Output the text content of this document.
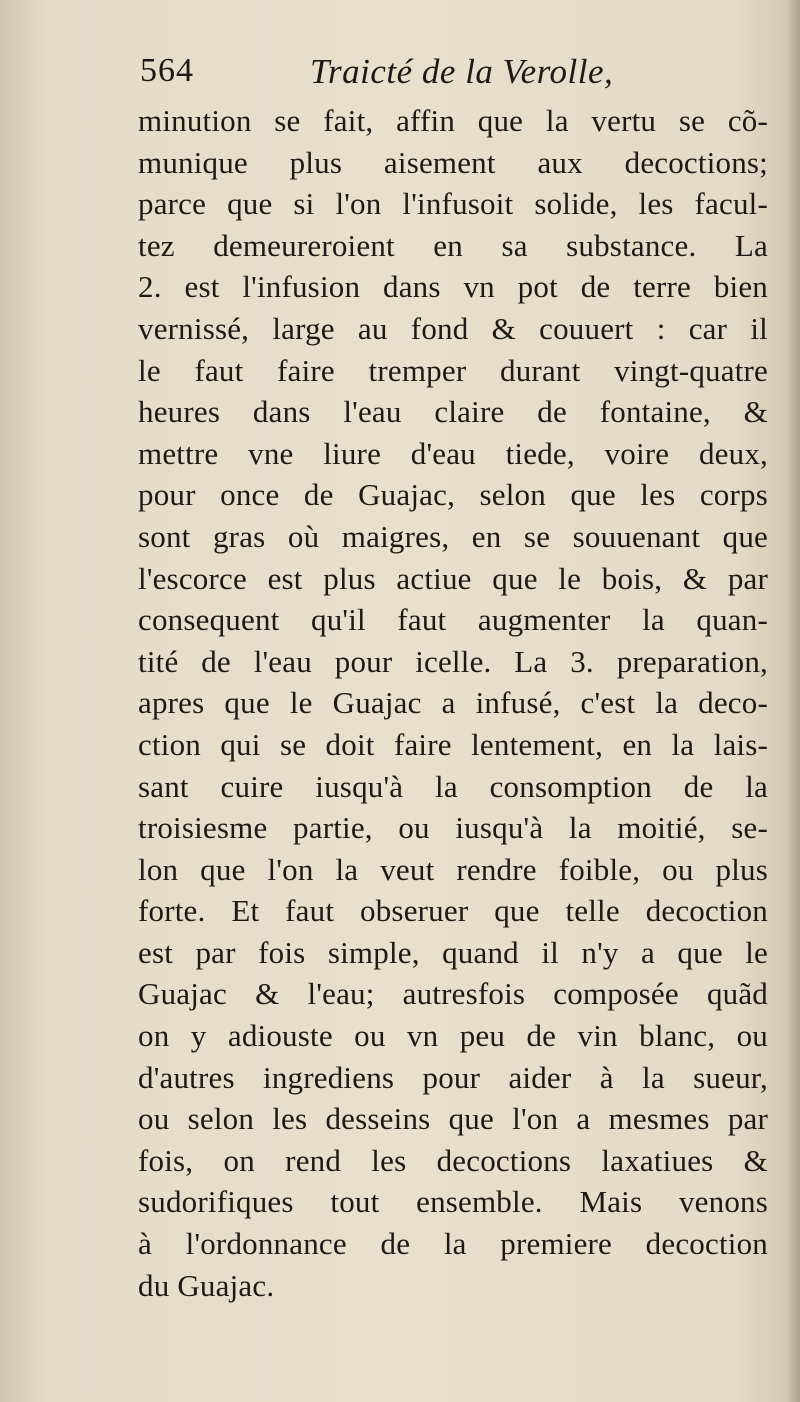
564	Traicté de la Verolle,
minution se fait, affin que la vertu se cõ-
munique plus aisement aux decoctions;
parce que si l'on l'infusoit solide, les facul-
tez demeureroient en sa substance. La
2. est l'infusion dans vn pot de terre bien
vernissé, large au fond & couuert : car il
le faut faire tremper durant vingt-quatre
heures dans l'eau claire de fontaine, &
mettre vne liure d'eau tiede, voire deux,
pour once de Guajac, selon que les corps
sont gras où maigres, en se souuenant que
l'escorce est plus actiue que le bois, & par
consequent qu'il faut augmenter la quan-
tité de l'eau pour icelle. La 3. preparation,
apres que le Guajac a infusé, c'est la deco-
ction qui se doit faire lentement, en la lais-
sant cuire iusqu'à la consomption de la
troisiesme partie, ou iusqu'à la moitié, se-
lon que l'on la veut rendre foible, ou plus
forte. Et faut obseruer que telle decoction
est par fois simple, quand il n'y a que le
Guajac & l'eau; autresfois composée quãd
on y adiouste ou vn peu de vin blanc, ou
d'autres ingrediens pour aider à la sueur,
ou selon les desseins que l'on a mesmes par
fois, on rend les decoctions laxatiues &
sudorifiques tout ensemble. Mais venons
à l'ordonnance de la premiere decoction
du Guajac.
